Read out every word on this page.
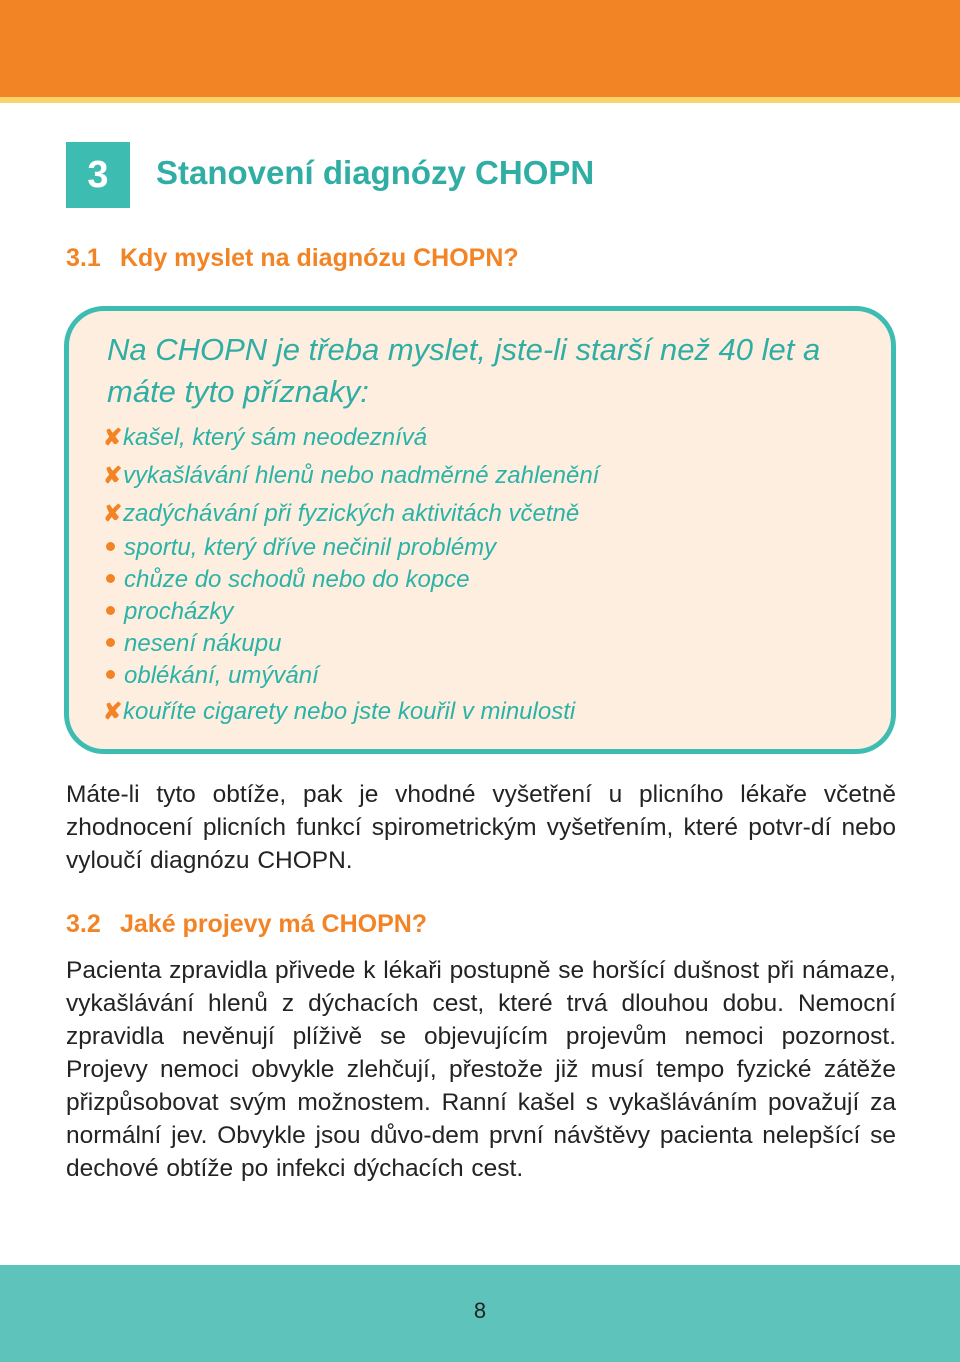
3 Stanovení diagnózy CHOPN
3.1 Kdy myslet na diagnózu CHOPN?
Na CHOPN je třeba myslet, jste-li starší než 40 let a máte tyto příznaky:
✘kašel, který sám neodeznívá
✘vykašlávání hlenů nebo nadměrné zahlenění
✘zadýchávání při fyzických aktivitách včetně
sportu, který dříve nečinil problémy
chůze do schodů nebo do kopce
procházky
nesení nákupu
oblékání, umývání
✘kouříte cigarety nebo jste kouřil v minulosti
Máte-li tyto obtíže, pak je vhodné vyšetření u plicního lékaře včetně zhodnocení plicních funkcí spirometrickým vyšetřením, které potvr-dí nebo vyloučí diagnózu CHOPN.
3.2 Jaké projevy má CHOPN?
Pacienta zpravidla přivede k lékaři postupně se horšící dušnost při námaze, vykašlávání hlenů z dýchacích cest, které trvá dlouhou dobu. Nemocní zpravidla nevěnují plíživě se objevujícím projevům nemoci pozornost. Projevy nemoci obvykle zlehčují, přestože již musí tempo fyzické zátěže přizpůsobovat svým možnostem. Ranní kašel s vykašláváním považují za normální jev. Obvykle jsou důvo-dem první návštěvy pacienta nelepšící se dechové obtíže po infekci dýchacích cest.
8
